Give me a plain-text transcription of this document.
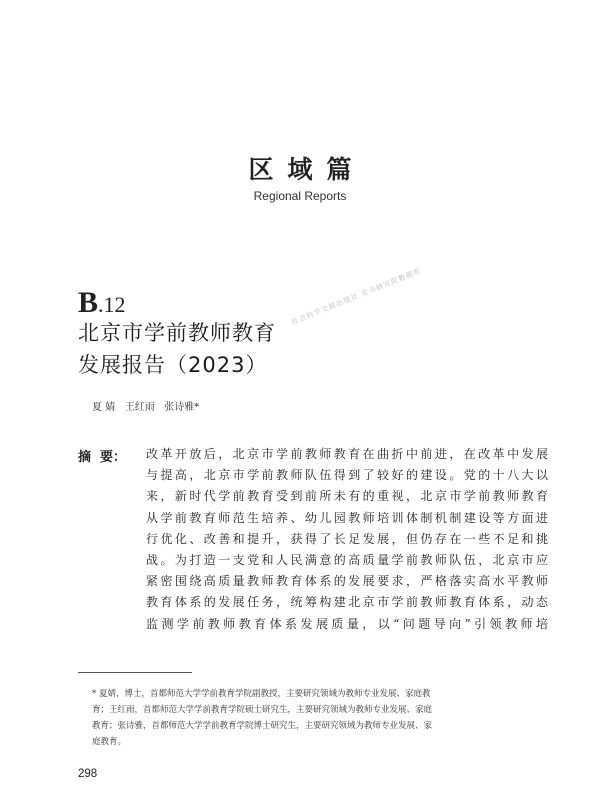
区域篇
Regional Reports
社会科学文献出版社 皮书研究院数据库
B.12
北京市学前教师教育
发展报告（2023）
夏 婧   王红雨   张诗雅*
摘  要： 改革开放后，北京市学前教师教育在曲折中前进，在改革中发展
与提高，北京市学前教师队伍得到了较好的建设。党的十八大以
来，新时代学前教育受到前所未有的重视，北京市学前教师教育
从学前教育师范生培养、幼儿园教师培训体制机制建设等方面进
行优化、改善和提升，获得了长足发展，但仍存在一些不足和挑
战。为打造一支党和人民满意的高质量学前教师队伍，北京市应
紧密围绕高质量教师教育体系的发展要求，严格落实高水平教师
教育体系的发展任务，统筹构建北京市学前教师教育体系，动态
监测学前教师教育体系发展质量，以“问题导向”引领教师培
* 夏婧，博士，首都师范大学学前教育学院副教授，主要研究领域为教师专业发展、家庭教
育；王红雨，首都师范大学学前教育学院硕士研究生，主要研究领域为教师专业发展、家庭
教育；张诗雅，首都师范大学学前教育学院博士研究生，主要研究领域为教师专业发展、家
庭教育。
298
